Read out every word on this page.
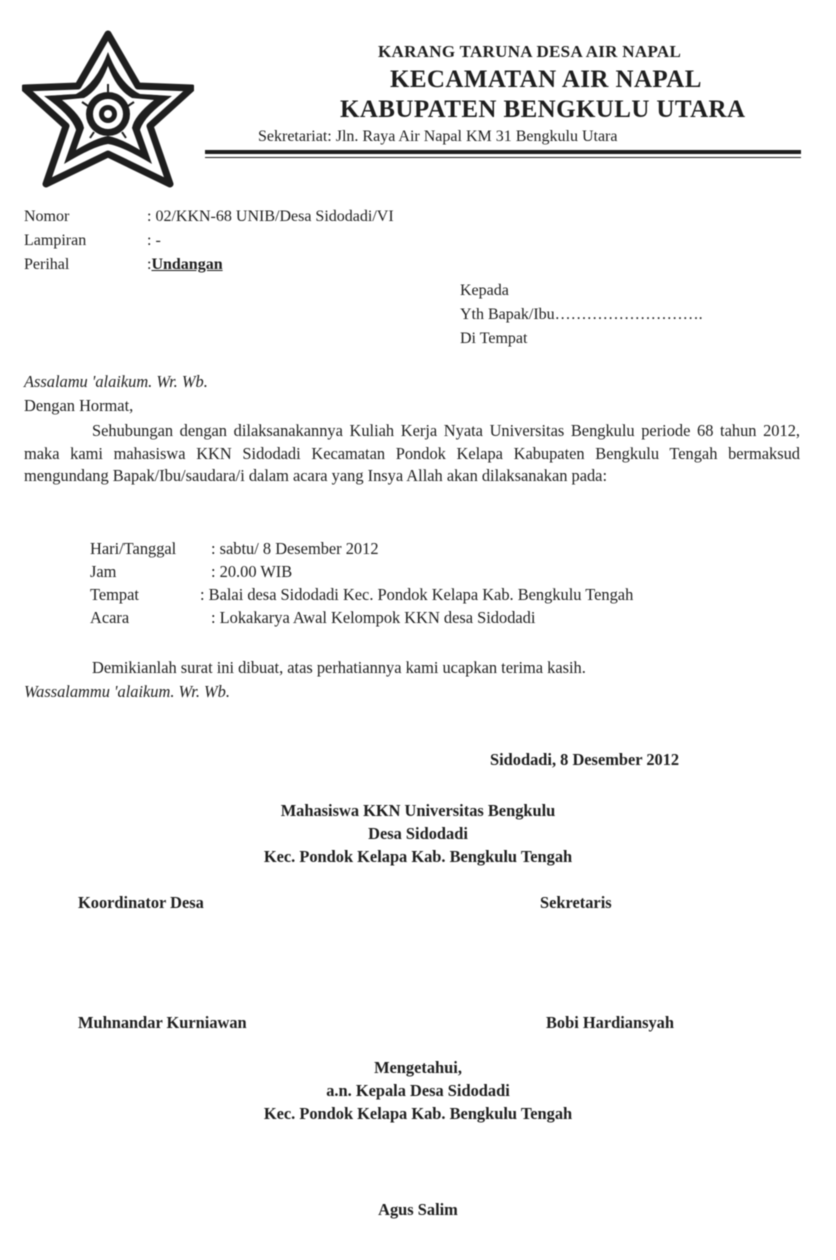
KARANG TARUNA DESA AIR NAPAL
KECAMATAN AIR NAPAL
KABUPATEN BENGKULU UTARA
Sekretariat: Jln. Raya Air Napal KM 31 Bengkulu Utara
Nomor	: 02/KKN-68 UNIB/Desa Sidodadi/VI
Lampiran	: -
Perihal	:Undangan
Kepada
Yth Bapak/Ibu……………………….
Di Tempat
Assalamu 'alaikum. Wr. Wb.
Dengan Hormat,
Sehubungan dengan dilaksanakannya Kuliah Kerja Nyata Universitas Bengkulu periode 68 tahun 2012, maka kami mahasiswa KKN Sidodadi Kecamatan Pondok Kelapa Kabupaten Bengkulu Tengah bermaksud mengundang Bapak/Ibu/saudara/i dalam acara yang Insya Allah akan dilaksanakan pada:
Hari/Tanggal : sabtu/ 8 Desember 2012
Jam	: 20.00 WIB
Tempat	: Balai desa Sidodadi Kec. Pondok Kelapa Kab. Bengkulu Tengah
Acara	: Lokakarya Awal Kelompok KKN desa Sidodadi
Demikianlah surat ini dibuat, atas perhatiannya kami ucapkan terima kasih.
Wassalammu 'alaikum. Wr. Wb.
Sidodadi, 8 Desember 2012
Mahasiswa KKN Universitas Bengkulu
Desa Sidodadi
Kec. Pondok Kelapa Kab. Bengkulu Tengah
Koordinator Desa	Sekretaris
Muhnandar Kurniawan	Bobi Hardiansyah
Mengetahui,
a.n. Kepala Desa Sidodadi
Kec. Pondok Kelapa Kab. Bengkulu Tengah
Agus Salim
